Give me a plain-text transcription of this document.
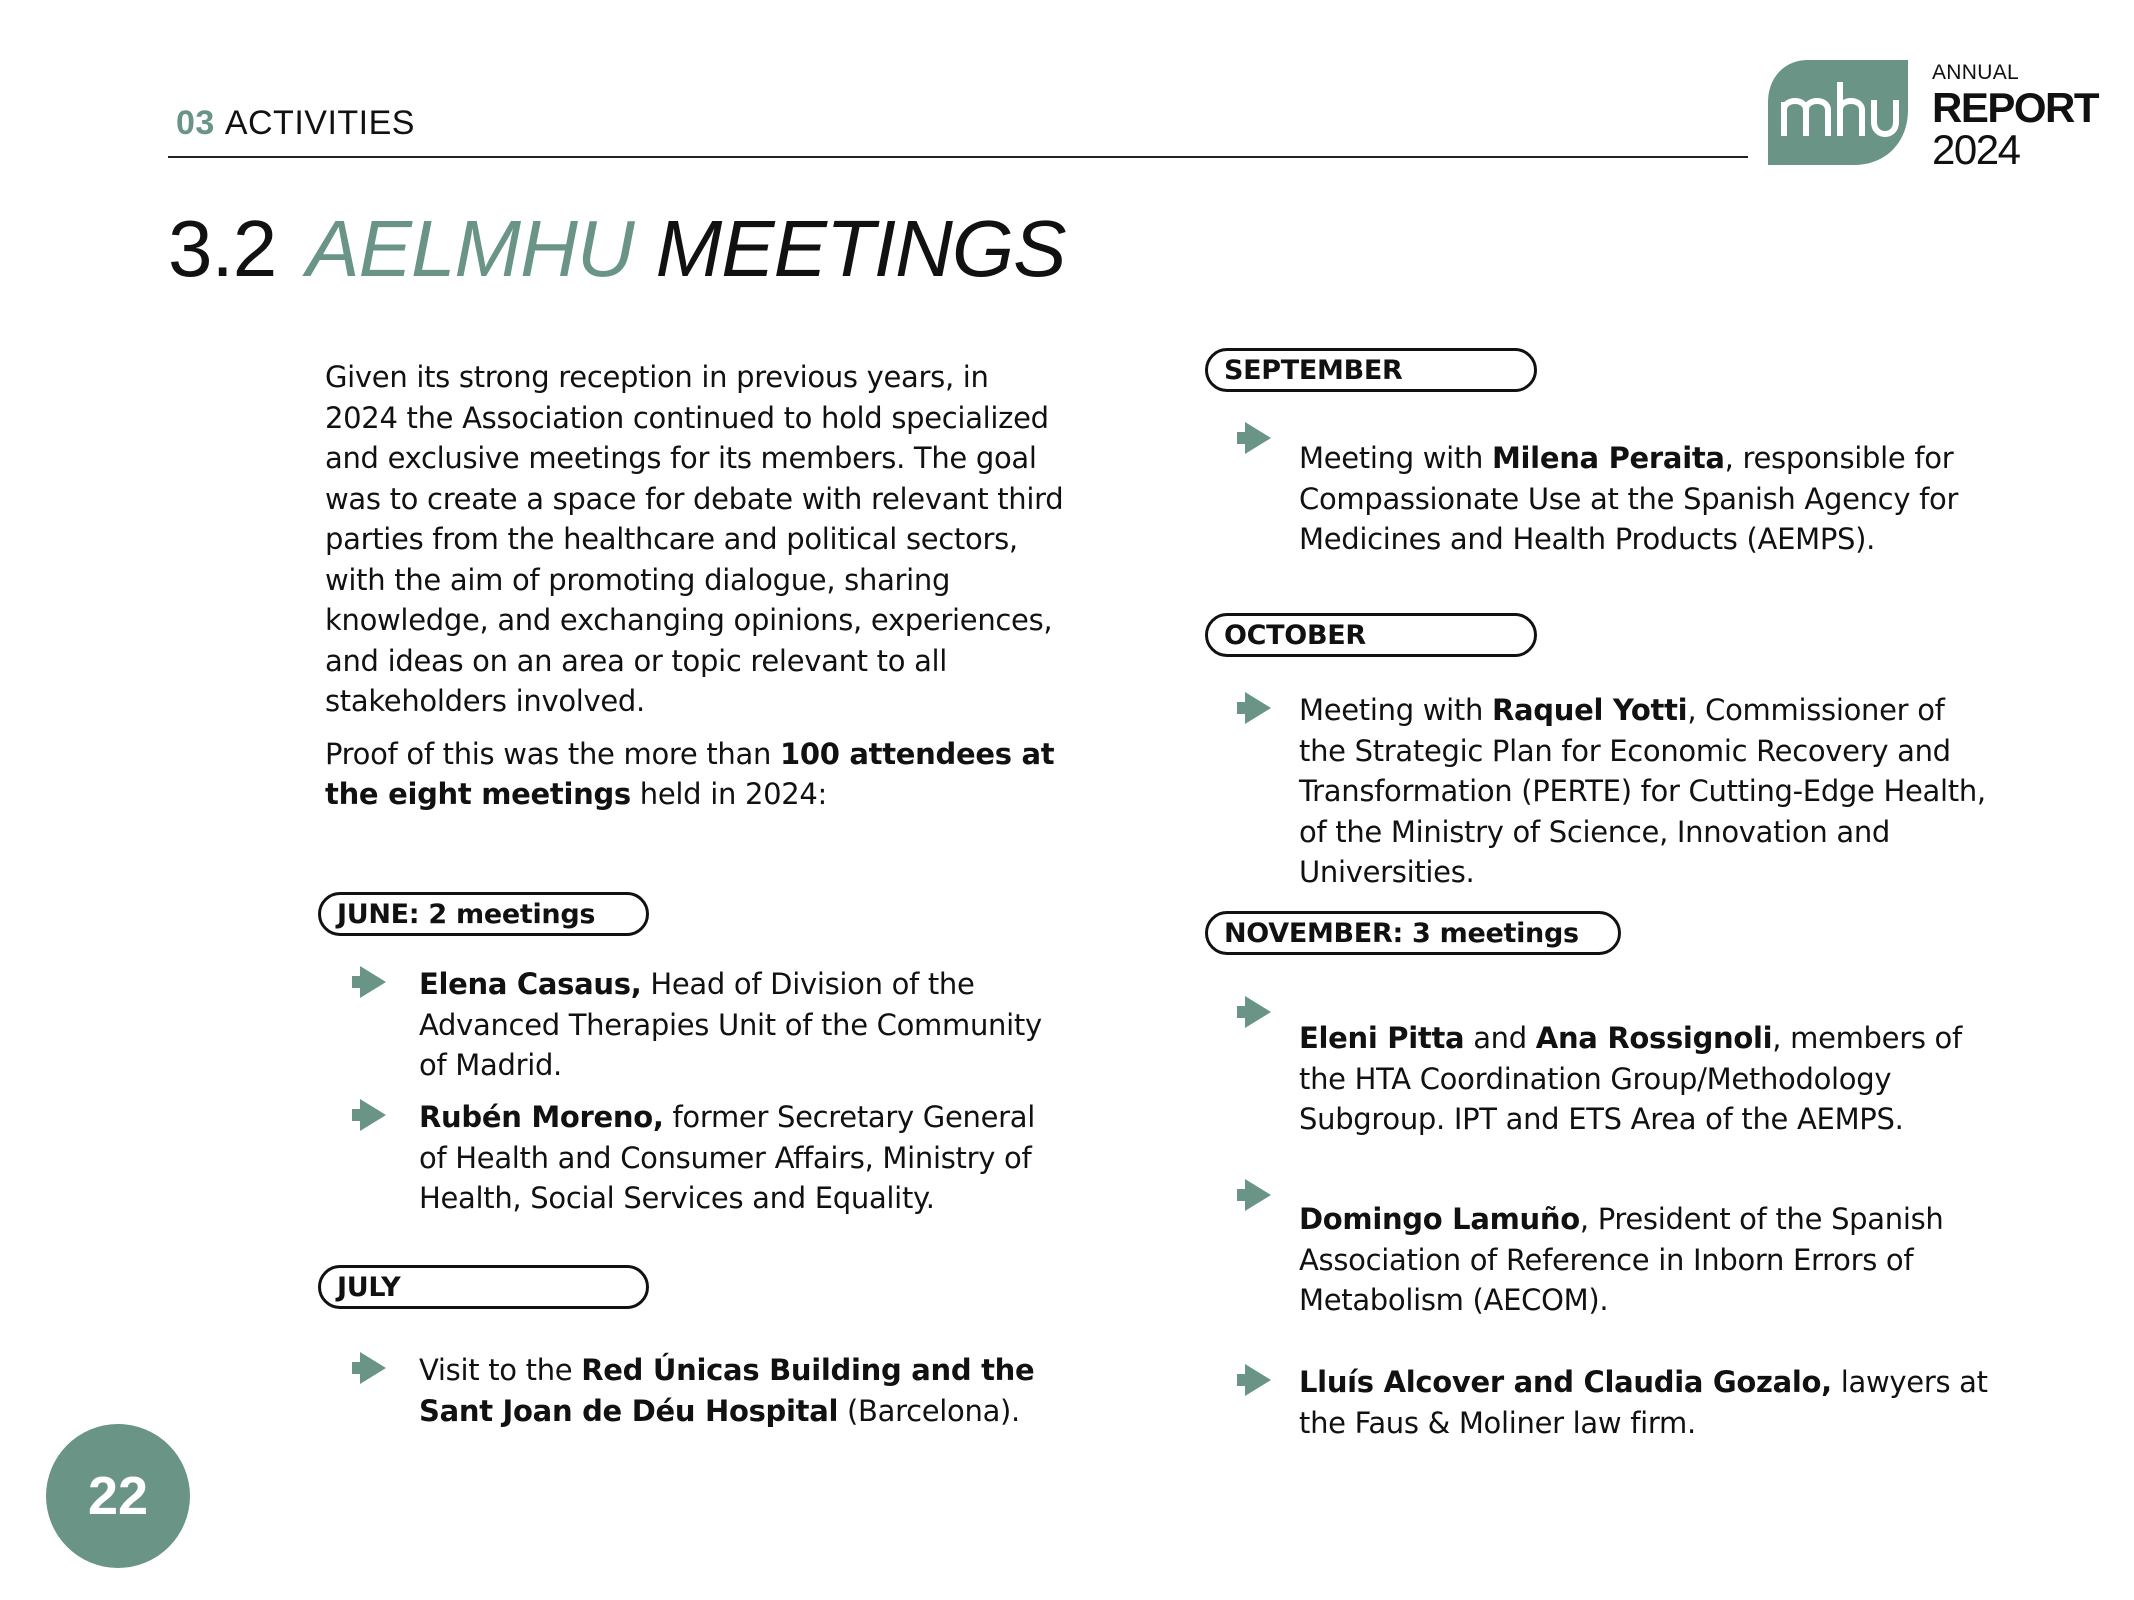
03 ACTIVITIES
ANNUAL
REPORT
2024
3.2 AELMHU MEETINGS

Given its strong reception in previous years, in 2024 the Association continued to hold specialized and exclusive meetings for its members. The goal was to create a space for debate with relevant third parties from the healthcare and political sectors, with the aim of promoting dialogue, sharing knowledge, and exchanging opinions, experiences, and ideas on an area or topic relevant to all stakeholders involved.

Proof of this was the more than 100 attendees at the eight meetings held in 2024:

JUNE: 2 meetings
Elena Casaus, Head of Division of the Advanced Therapies Unit of the Community of Madrid.
Rubén Moreno, former Secretary General of Health and Consumer Affairs, Ministry of Health, Social Services and Equality.
JULY
Visit to the Red Únicas Building and the Sant Joan de Déu Hospital (Barcelona).
SEPTEMBER
Meeting with Milena Peraita, responsible for Compassionate Use at the Spanish Agency for Medicines and Health Products (AEMPS).
OCTOBER
Meeting with Raquel Yotti, Commissioner of the Strategic Plan for Economic Recovery and Transformation (PERTE) for Cutting-Edge Health, of the Ministry of Science, Innovation and Universities.
NOVEMBER: 3 meetings
Eleni Pitta and Ana Rossignoli, members of the HTA Coordination Group/Methodology Subgroup. IPT and ETS Area of the AEMPS.
Domingo Lamuño, President of the Spanish Association of Reference in Inborn Errors of Metabolism (AECOM).
Lluís Alcover and Claudia Gozalo, lawyers at the Faus & Moliner law firm.
22
